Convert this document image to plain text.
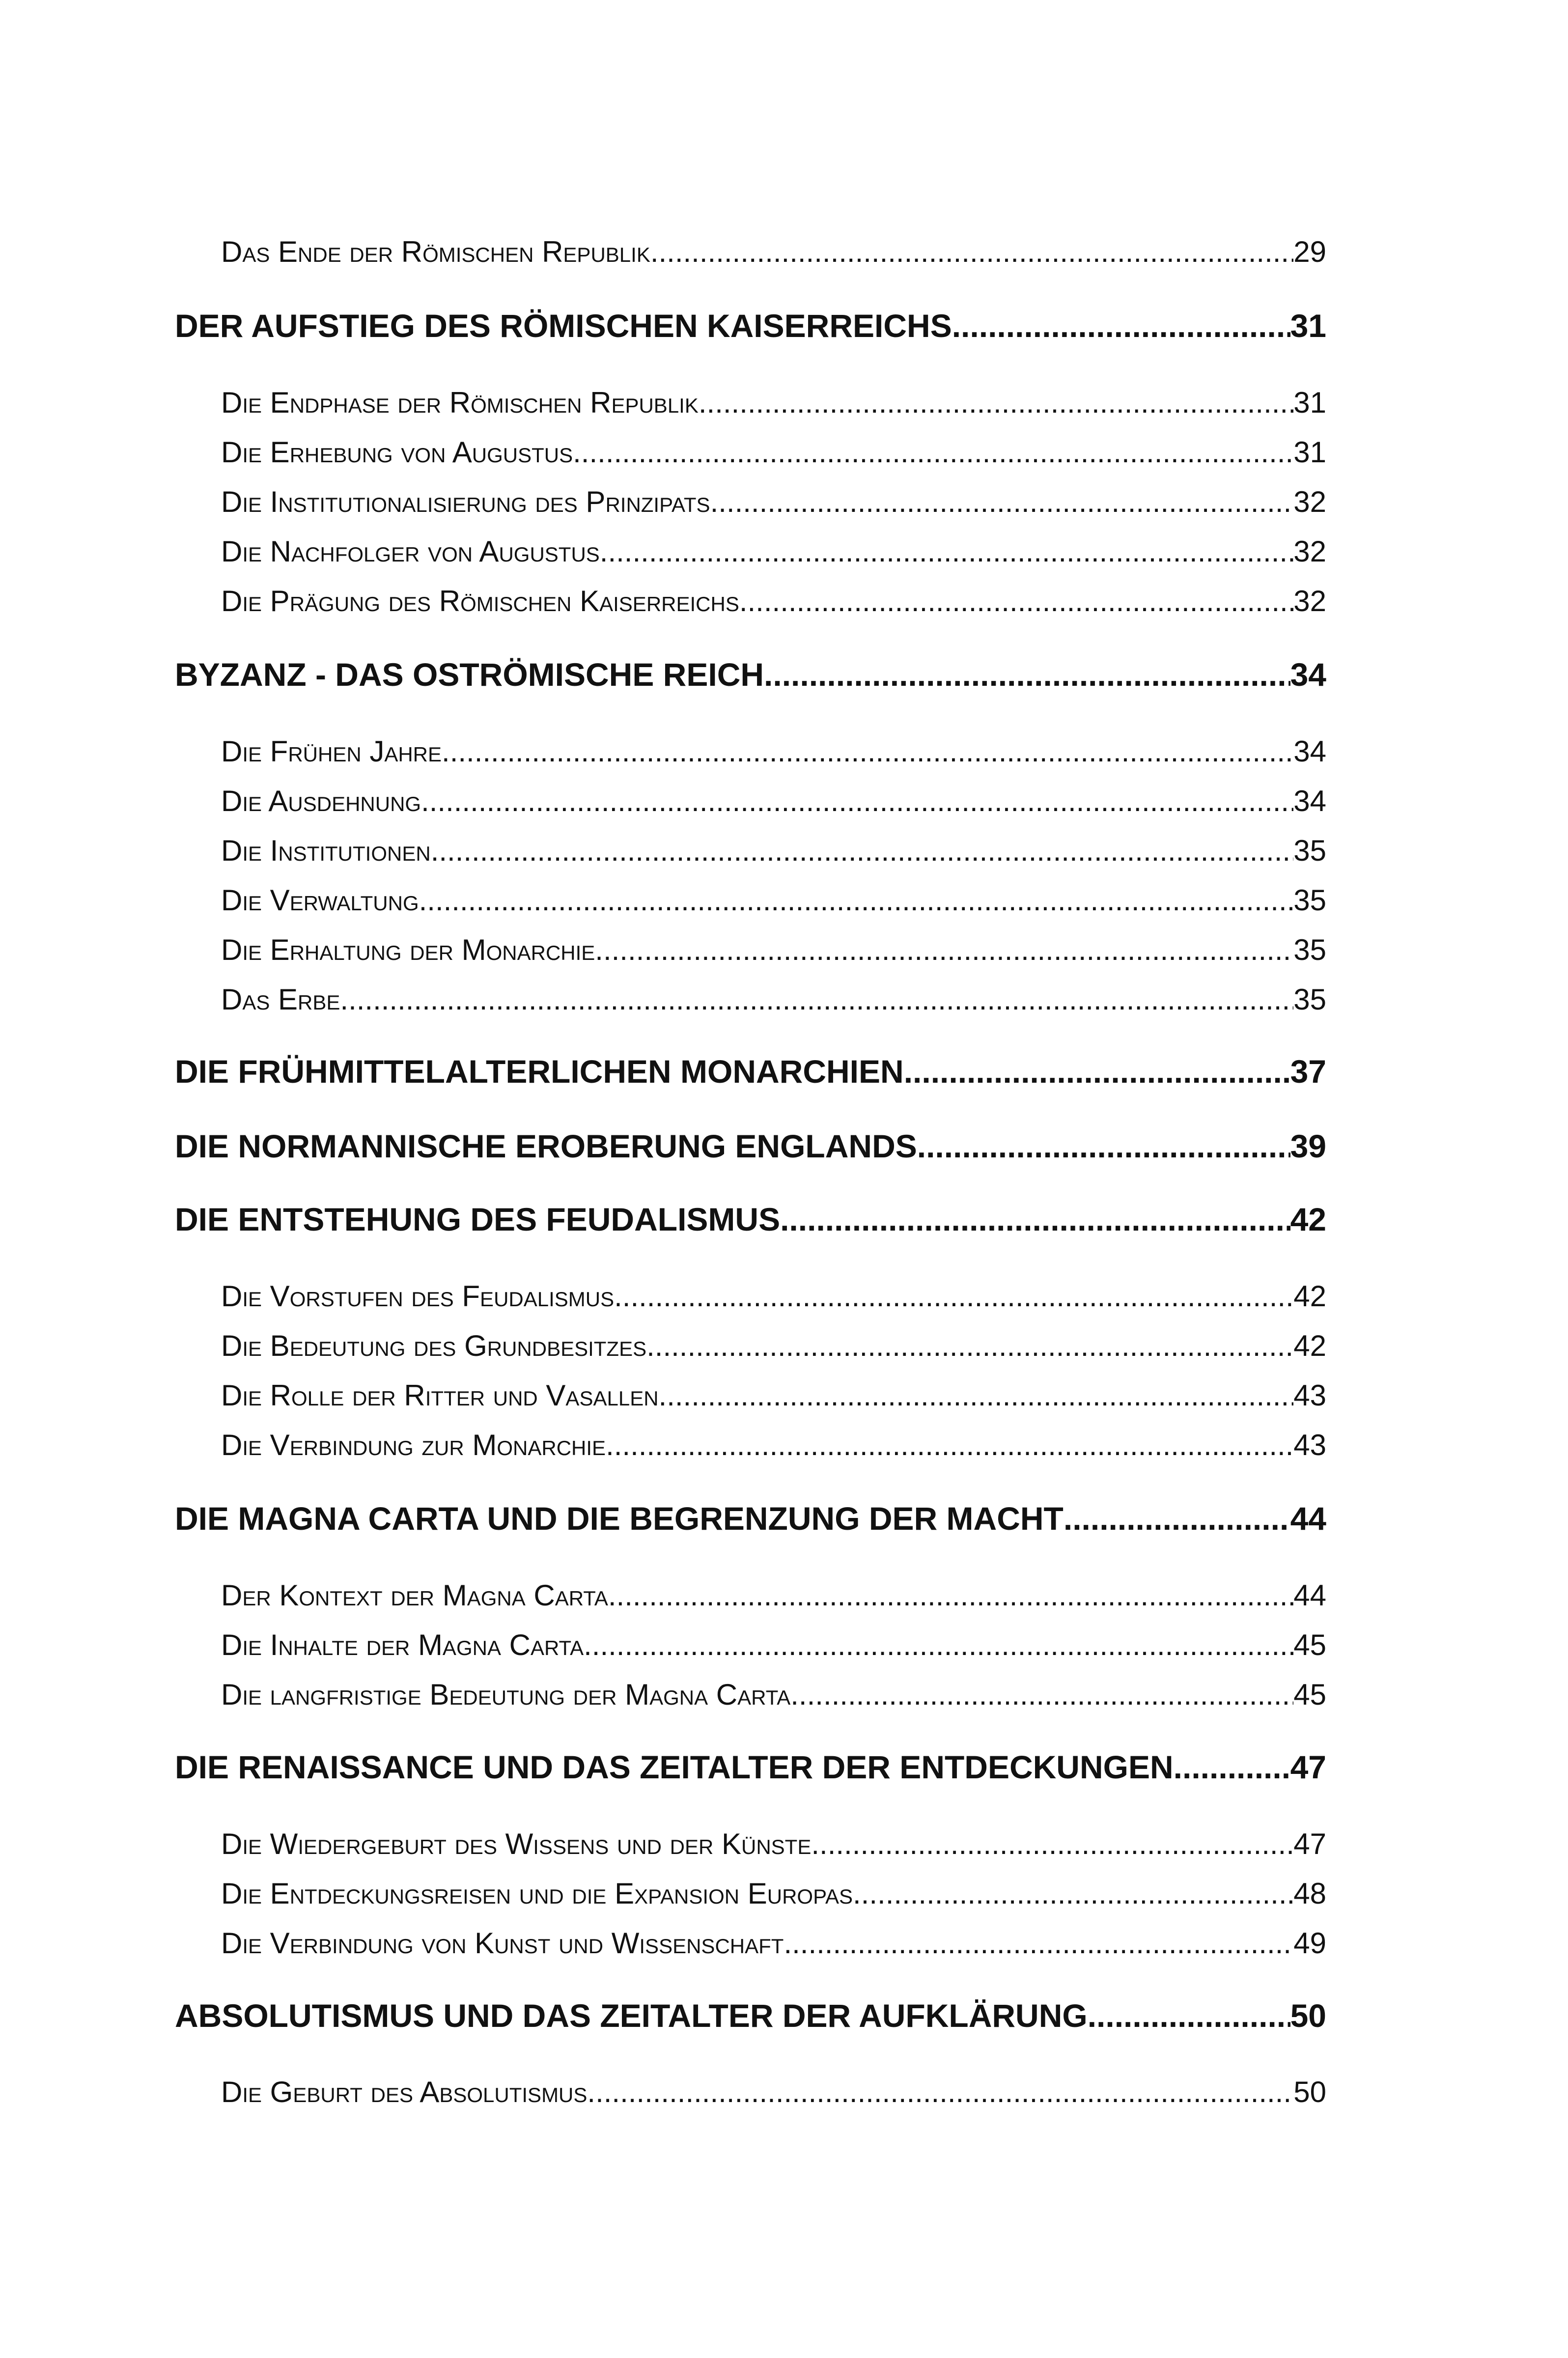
Das Ende der Römischen Republik .....	29
DER AUFSTIEG DES RÖMISCHEN KAISERREICHS .....	31
Die Endphase der Römischen Republik .....	31
Die Erhebung von Augustus .....	31
Die Institutionalisierung des Prinzipats .....	32
Die Nachfolger von Augustus .....	32
Die Prägung des Römischen Kaiserreichs .....	32
BYZANZ - DAS OSTRÖMISCHE REICH .....	34
Die Frühen Jahre .....	34
Die Ausdehnung .....	34
Die Institutionen .....	35
Die Verwaltung .....	35
Die Erhaltung der Monarchie .....	35
Das Erbe .....	35
DIE FRÜHMITTELALTERLICHEN MONARCHIEN .....	37
DIE NORMANNISCHE EROBERUNG ENGLANDS .....	39
DIE ENTSTEHUNG DES FEUDALISMUS .....	42
Die Vorstufen des Feudalismus .....	42
Die Bedeutung des Grundbesitzes .....	42
Die Rolle der Ritter und Vasallen .....	43
Die Verbindung zur Monarchie .....	43
DIE MAGNA CARTA UND DIE BEGRENZUNG DER MACHT .....	44
Der Kontext der Magna Carta .....	44
Die Inhalte der Magna Carta .....	45
Die langfristige Bedeutung der Magna Carta .....	45
DIE RENAISSANCE UND DAS ZEITALTER DER ENTDECKUNGEN .....	47
Die Wiedergeburt des Wissens und der Künste .....	47
Die Entdeckungsreisen und die Expansion Europas .....	48
Die Verbindung von Kunst und Wissenschaft .....	49
ABSOLUTISMUS UND DAS ZEITALTER DER AUFKLÄRUNG .....	50
Die Geburt des Absolutismus .....	50
